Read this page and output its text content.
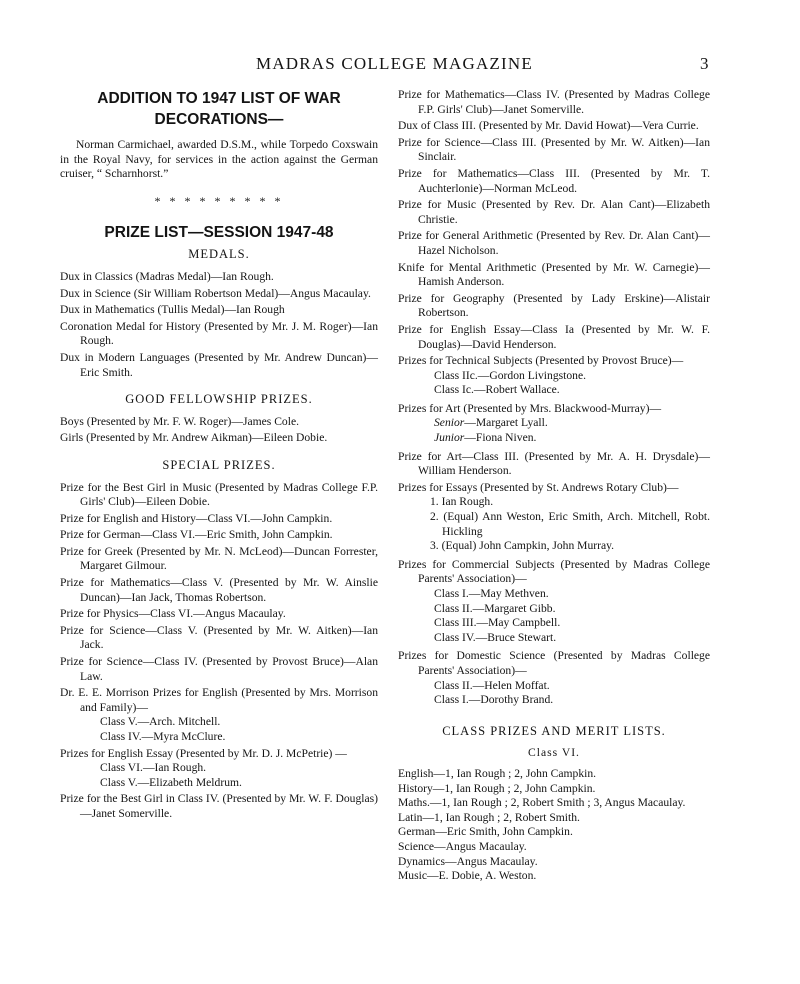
MADRAS COLLEGE MAGAZINE	3

ADDITION TO 1947 LIST OF WAR DECORATIONS—

Norman Carmichael, awarded D.S.M., while Torpedo Coxswain in the Royal Navy, for services in the action against the German cruiser, “ Scharnhorst.”

* * * * * * * * *

PRIZE LIST—SESSION 1947-48

MEDALS.

Dux in Classics (Madras Medal)—Ian Rough.

Dux in Science (Sir William Robertson Medal)—Angus Macaulay.

Dux in Mathematics (Tullis Medal)—Ian Rough

Coronation Medal for History (Presented by Mr. J. M. Roger)—Ian Rough.

Dux in Modern Languages (Presented by Mr. Andrew Duncan)—Eric Smith.

GOOD FELLOWSHIP PRIZES.

Boys (Presented by Mr. F. W. Roger)—James Cole.

Girls (Presented by Mr. Andrew Aikman)—Eileen Dobie.

SPECIAL PRIZES.

Prize for the Best Girl in Music (Presented by Madras College F.P. Girls' Club)—Eileen Dobie.

Prize for English and History—Class VI.—John Campkin.

Prize for German—Class VI.—Eric Smith, John Campkin.

Prize for Greek (Presented by Mr. N. McLeod)—Duncan Forrester, Margaret Gilmour.

Prize for Mathematics—Class V. (Presented by Mr. W. Ainslie Duncan)—Ian Jack, Thomas Robertson.

Prize for Physics—Class VI.—Angus Macaulay.

Prize for Science—Class V. (Presented by Mr. W. Aitken)—Ian Jack.

Prize for Science—Class IV. (Presented by Provost Bruce)—Alan Law.

Dr. E. E. Morrison Prizes for English (Presented by Mrs. Morrison and Family)—

Class V.—Arch. Mitchell.

Class IV.—Myra McClure.

Prizes for English Essay (Presented by Mr. D. J. McPetrie) —

Class VI.—Ian Rough.

Class V.—Elizabeth Meldrum.

Prize for the Best Girl in Class IV. (Presented by Mr. W. F. Douglas)—Janet Somerville.

Prize for Mathematics—Class IV. (Presented by Madras College F.P. Girls' Club)—Janet Somerville.

Dux of Class III. (Presented by Mr. David Howat)—Vera Currie.

Prize for Science—Class III. (Presented by Mr. W. Aitken)—Ian Sinclair.

Prize for Mathematics—Class III. (Presented by Mr. T. Auchterlonie)—Norman McLeod.

Prize for Music (Presented by Rev. Dr. Alan Cant)—Elizabeth Christie.

Prize for General Arithmetic (Presented by Rev. Dr. Alan Cant)—Hazel Nicholson.

Knife for Mental Arithmetic (Presented by Mr. W. Carnegie)—Hamish Anderson.

Prize for Geography (Presented by Lady Erskine)—Alistair Robertson.

Prize for English Essay—Class Ia (Presented by Mr. W. F. Douglas)—David Henderson.

Prizes for Technical Subjects (Presented by Provost Bruce)—

Class IIc.—Gordon Livingstone.

Class Ic.—Robert Wallace.

Prizes for Art (Presented by Mrs. Blackwood-Murray)—

Senior—Margaret Lyall.

Junior—Fiona Niven.

Prize for Art—Class III. (Presented by Mr. A. H. Drysdale)—William Henderson.

Prizes for Essays (Presented by St. Andrews Rotary Club)—

1. Ian Rough.

2. (Equal) Ann Weston, Eric Smith, Arch. Mitchell, Robt. Hickling

3. (Equal) John Campkin, John Murray.

Prizes for Commercial Subjects (Presented by Madras College Parents' Association)—

Class I.—May Methven.

Class II.—Margaret Gibb.

Class III.—May Campbell.

Class IV.—Bruce Stewart.

Prizes for Domestic Science (Presented by Madras College Parents' Association)—

Class II.—Helen Moffat.

Class I.—Dorothy Brand.

CLASS PRIZES AND MERIT LISTS.
Class VI.

English—1, Ian Rough ; 2, John Campkin.

History—1, Ian Rough ; 2, John Campkin.

Maths.—1, Ian Rough ; 2, Robert Smith ; 3, Angus Macaulay.

Latin—1, Ian Rough ; 2, Robert Smith.

German—Eric Smith, John Campkin.

Science—Angus Macaulay.

Dynamics—Angus Macaulay.

Music—E. Dobie, A. Weston.
